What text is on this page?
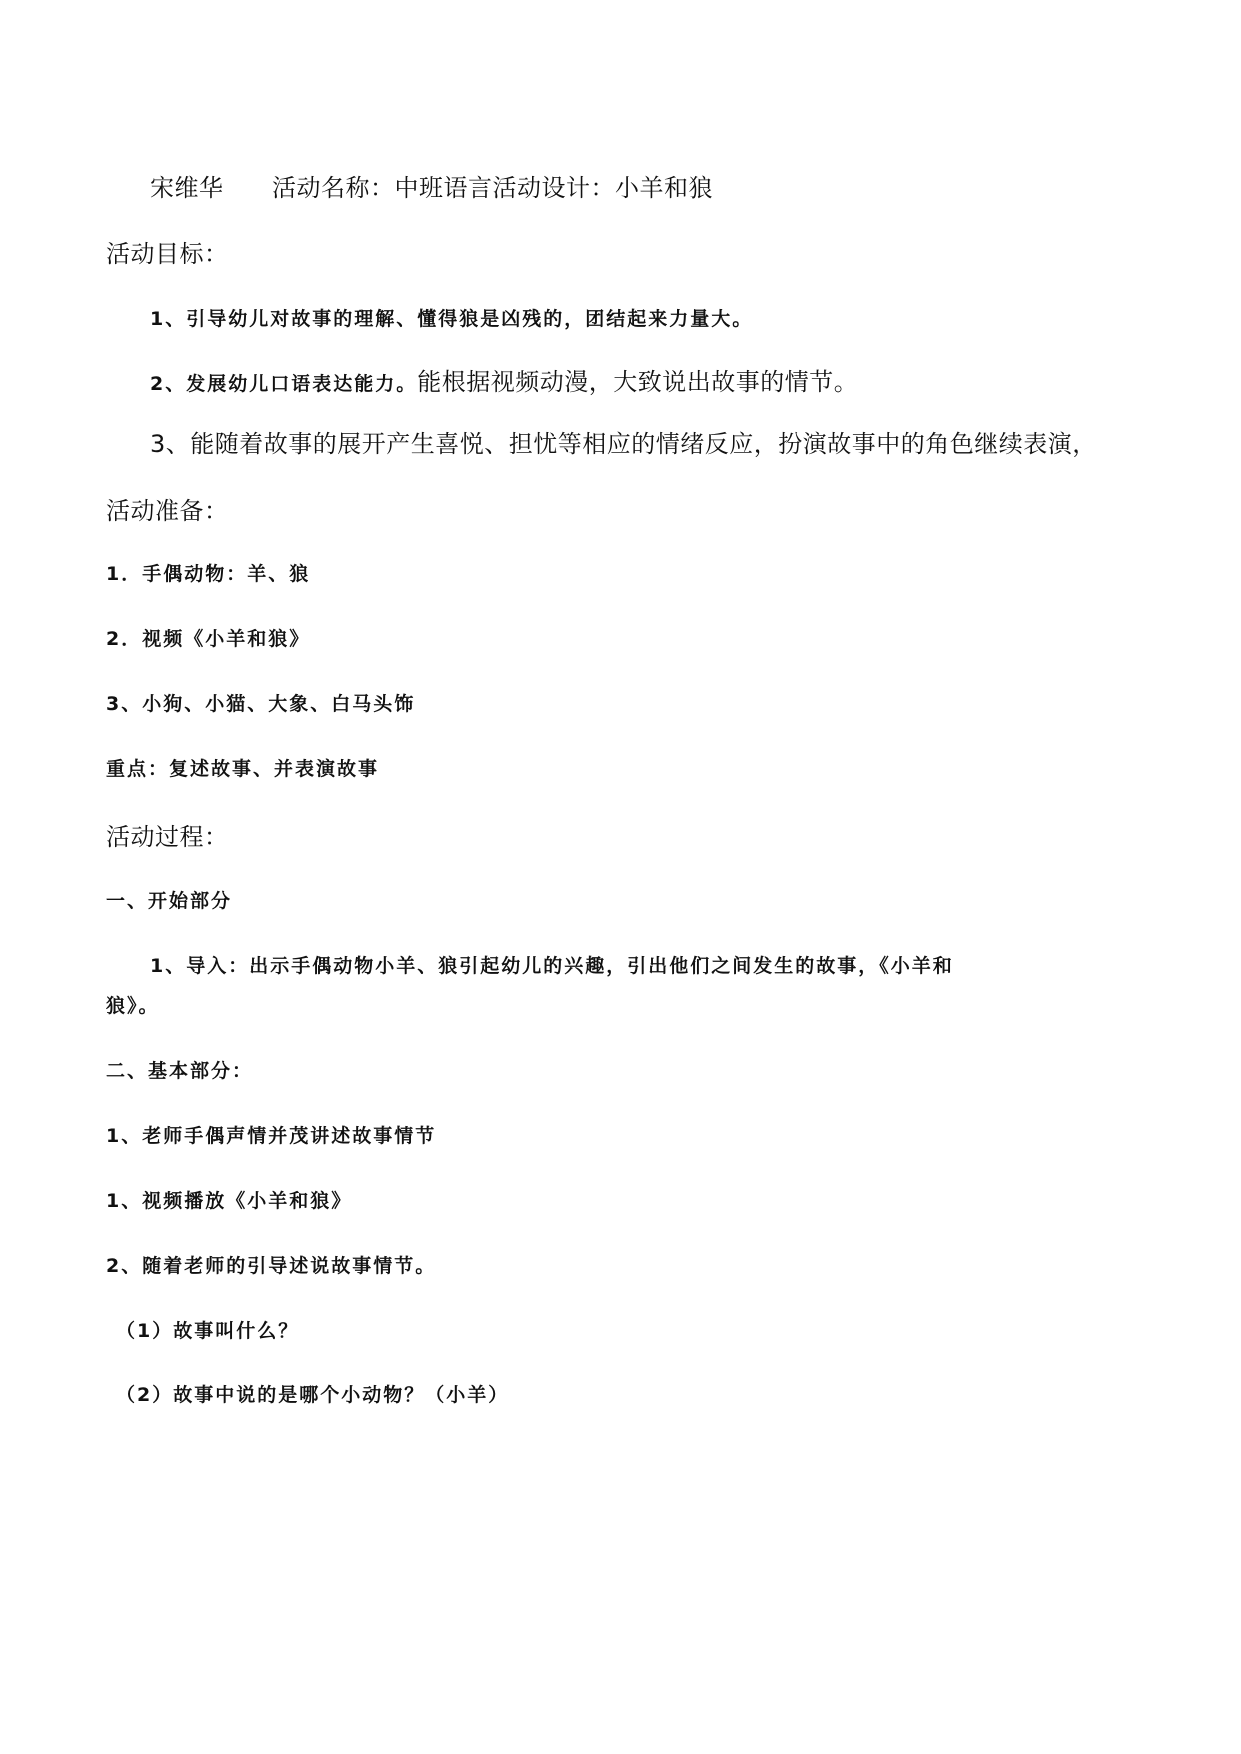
宋维华 活动名称：中班语言活动设计：小羊和狼
活动目标：
1、引导幼儿对故事的理解、懂得狼是凶残的，团结起来力量大。
2、发展幼儿口语表达能力。能根据视频动漫，大致说出故事的情节。
3、能随着故事的展开产生喜悦、担忧等相应的情绪反应，扮演故事中的角色继续表演，
活动准备：
1．手偶动物：羊、狼
2．视频《小羊和狼》
3、小狗、小猫、大象、白马头饰
重点：复述故事、并表演故事
活动过程：
一、开始部分
1、导入：出示手偶动物小羊、狼引起幼儿的兴趣，引出他们之间发生的故事，《小羊和
狼》。
二、基本部分：
1、老师手偶声情并茂讲述故事情节
1、视频播放《小羊和狼》
2、随着老师的引导述说故事情节。
（1）故事叫什么？
（2）故事中说的是哪个小动物？（小羊）
